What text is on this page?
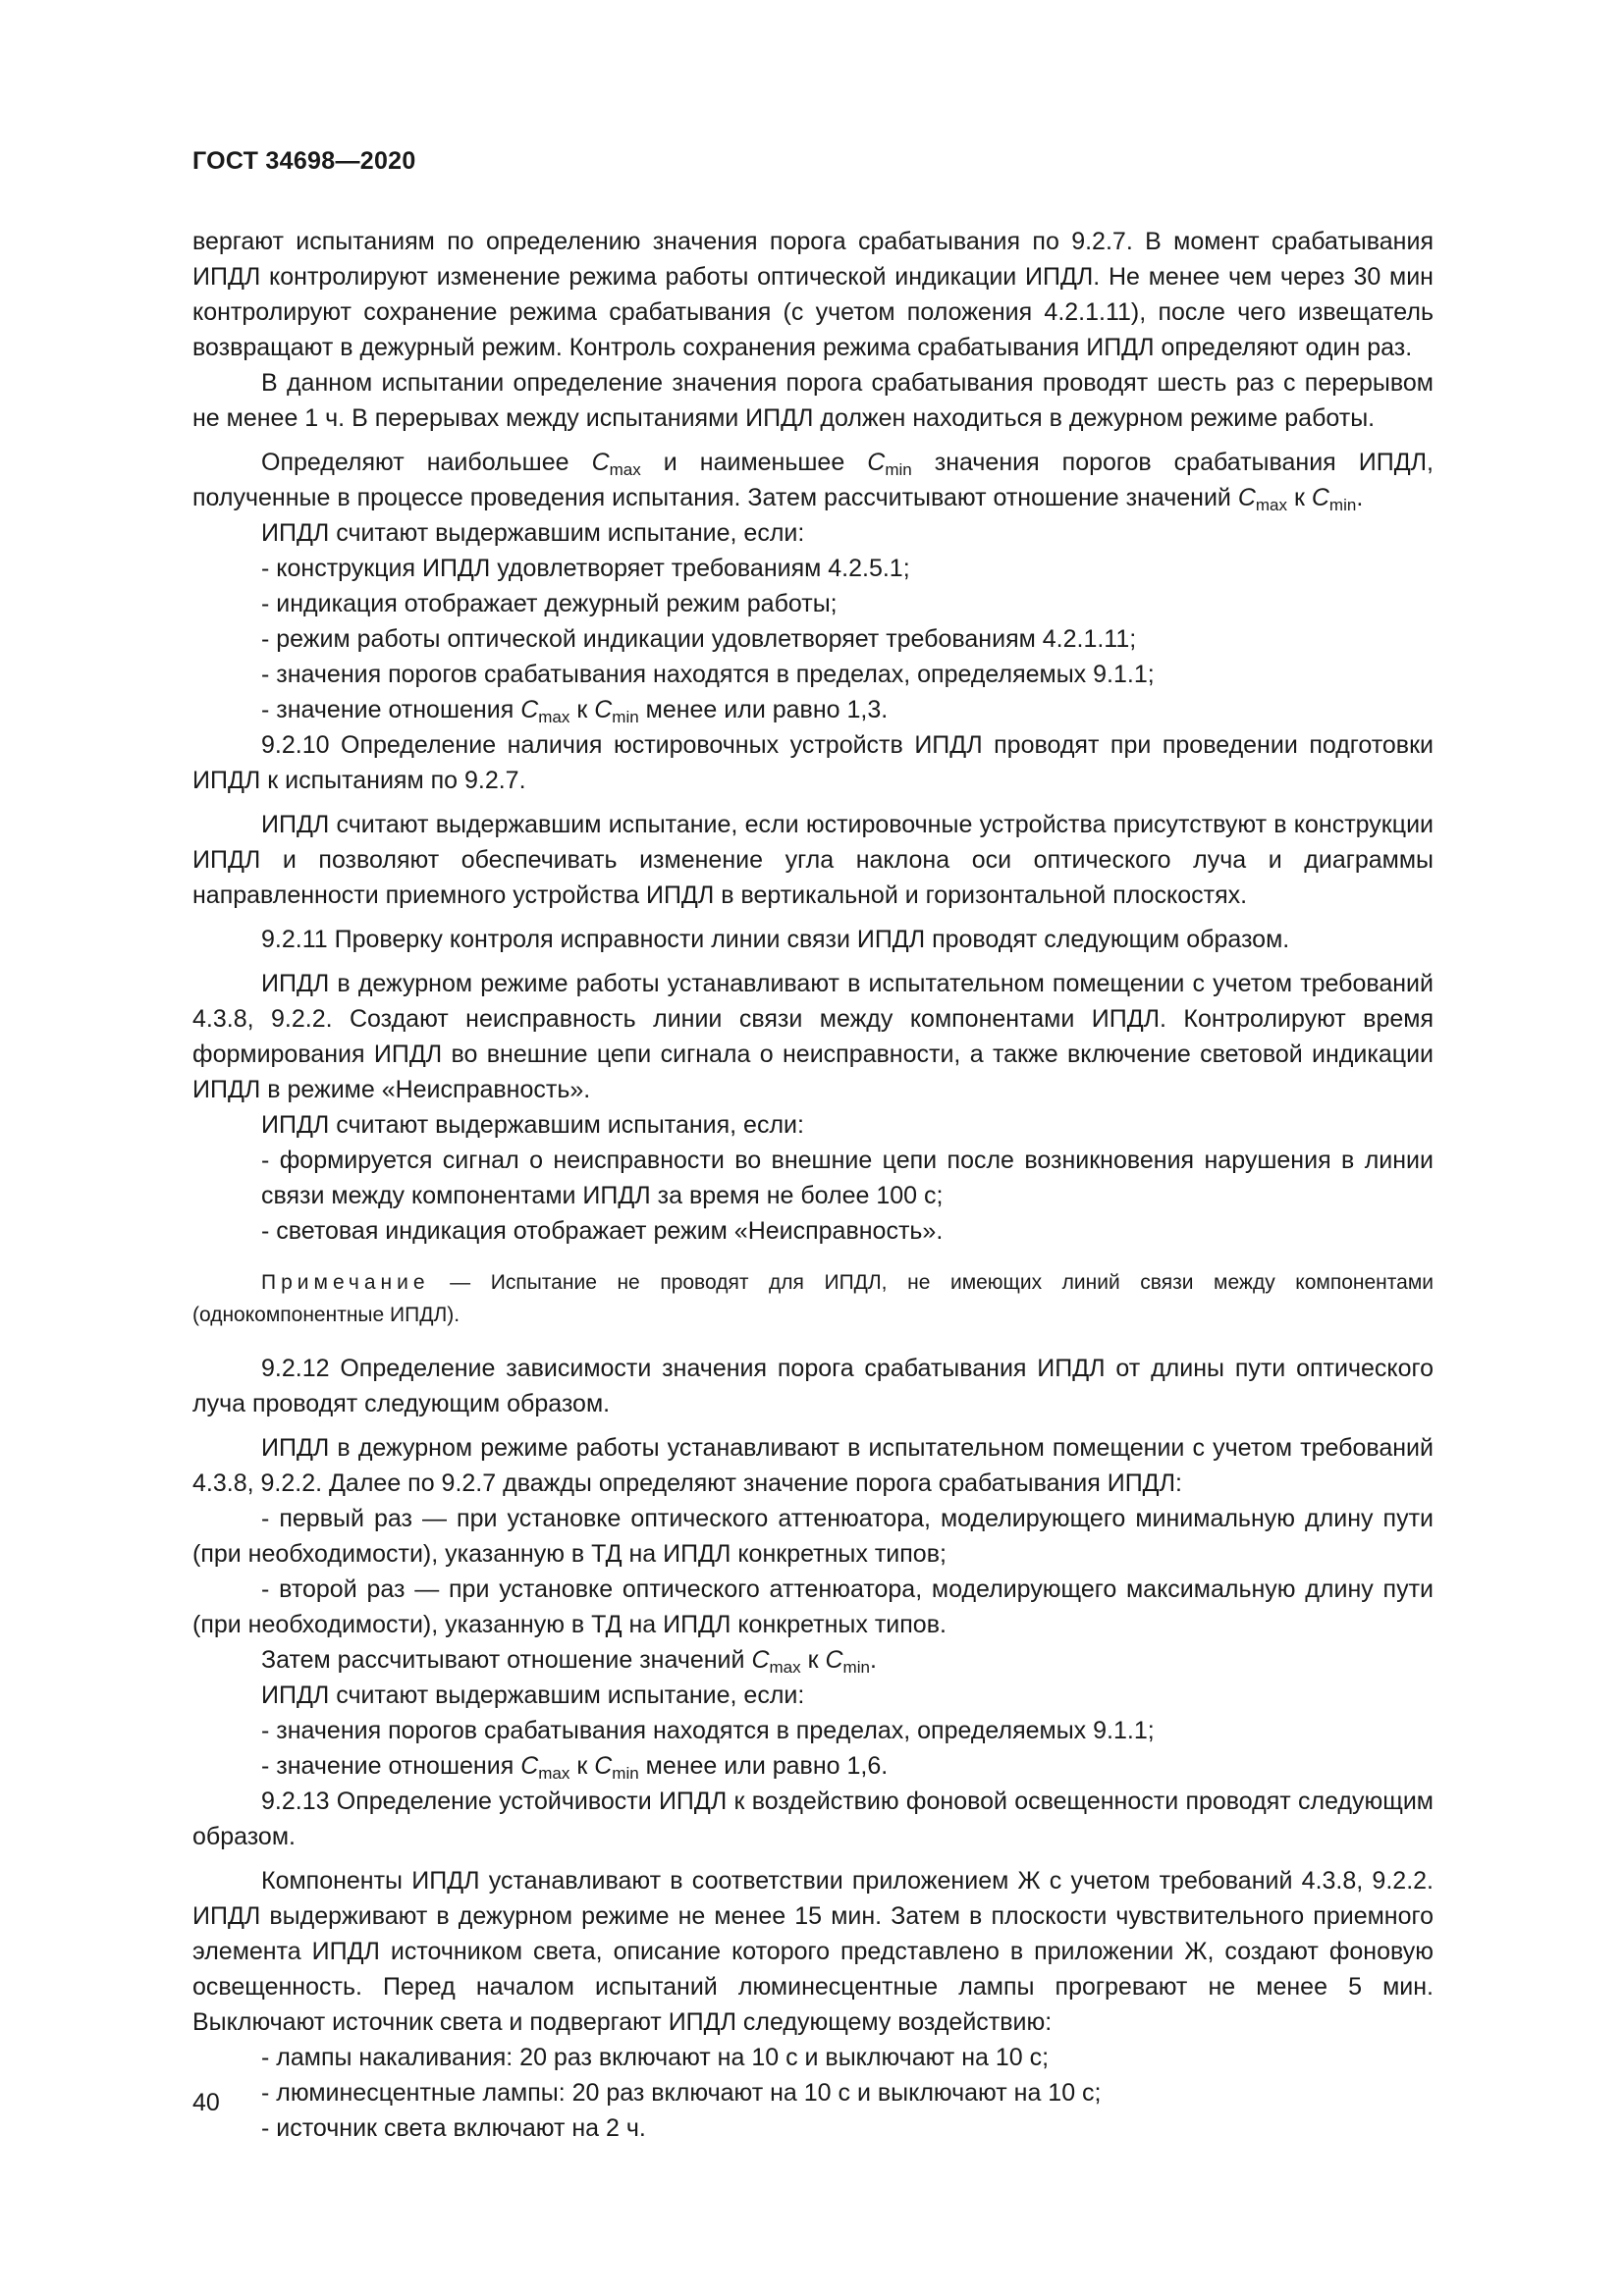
ГОСТ 34698—2020

вергают испытаниям по определению значения порога срабатывания по 9.2.7. В момент срабатывания ИПДЛ контролируют изменение режима работы оптической индикации ИПДЛ. Не менее чем через 30 мин контролируют сохранение режима срабатывания (с учетом положения 4.2.1.11), после чего извещатель возвращают в дежурный режим. Контроль сохранения режима срабатывания ИПДЛ определяют один раз.

В данном испытании определение значения порога срабатывания проводят шесть раз с перерывом не менее 1 ч. В перерывах между испытаниями ИПДЛ должен находиться в дежурном режиме работы.

Определяют наибольшее $C_{max}$ и наименьшее $C_{min}$ значения порогов срабатывания ИПДЛ, полученные в процессе проведения испытания. Затем рассчитывают отношение значений $C_{max}$ к $C_{min}$.

ИПДЛ считают выдержавшим испытание, если:

- конструкция ИПДЛ удовлетворяет требованиям 4.2.5.1;

- индикация отображает дежурный режим работы;

- режим работы оптической индикации удовлетворяет требованиям 4.2.1.11;

- значения порогов срабатывания находятся в пределах, определяемых 9.1.1;

- значение отношения $C_{max}$ к $C_{min}$ менее или равно 1,3.

9.2.10 Определение наличия юстировочных устройств ИПДЛ проводят при проведении подготовки ИПДЛ к испытаниям по 9.2.7.

ИПДЛ считают выдержавшим испытание, если юстировочные устройства присутствуют в конструкции ИПДЛ и позволяют обеспечивать изменение угла наклона оси оптического луча и диаграммы направленности приемного устройства ИПДЛ в вертикальной и горизонтальной плоскостях.

9.2.11 Проверку контроля исправности линии связи ИПДЛ проводят следующим образом.

ИПДЛ в дежурном режиме работы устанавливают в испытательном помещении с учетом требований 4.3.8, 9.2.2. Создают неисправность линии связи между компонентами ИПДЛ. Контролируют время формирования ИПДЛ во внешние цепи сигнала о неисправности, а также включение световой индикации ИПДЛ в режиме «Неисправность».

ИПДЛ считают выдержавшим испытания, если:

- формируется сигнал о неисправности во внешние цепи после возникновения нарушения в линии связи между компонентами ИПДЛ за время не более 100 с;

- световая индикация отображает режим «Неисправность».

Примечание — Испытание не проводят для ИПДЛ, не имеющих линий связи между компонентами (однокомпонентные ИПДЛ).

9.2.12 Определение зависимости значения порога срабатывания ИПДЛ от длины пути оптического луча проводят следующим образом.

ИПДЛ в дежурном режиме работы устанавливают в испытательном помещении с учетом требований 4.3.8, 9.2.2. Далее по 9.2.7 дважды определяют значение порога срабатывания ИПДЛ:

- первый раз — при установке оптического аттенюатора, моделирующего минимальную длину пути (при необходимости), указанную в ТД на ИПДЛ конкретных типов;

- второй раз — при установке оптического аттенюатора, моделирующего максимальную длину пути (при необходимости), указанную в ТД на ИПДЛ конкретных типов.

Затем рассчитывают отношение значений $C_{max}$ к $C_{min}$.

ИПДЛ считают выдержавшим испытание, если:

- значения порогов срабатывания находятся в пределах, определяемых 9.1.1;

- значение отношения $C_{max}$ к $C_{min}$ менее или равно 1,6.

9.2.13 Определение устойчивости ИПДЛ к воздействию фоновой освещенности проводят следующим образом.

Компоненты ИПДЛ устанавливают в соответствии приложением Ж с учетом требований 4.3.8, 9.2.2. ИПДЛ выдерживают в дежурном режиме не менее 15 мин. Затем в плоскости чувствительного приемного элемента ИПДЛ источником света, описание которого представлено в приложении Ж, создают фоновую освещенность. Перед началом испытаний люминесцентные лампы прогревают не менее 5 мин. Выключают источник света и подвергают ИПДЛ следующему воздействию:

- лампы накаливания: 20 раз включают на 10 с и выключают на 10 с;

- люминесцентные лампы: 20 раз включают на 10 с и выключают на 10 с;

- источник света включают на 2 ч.

40
